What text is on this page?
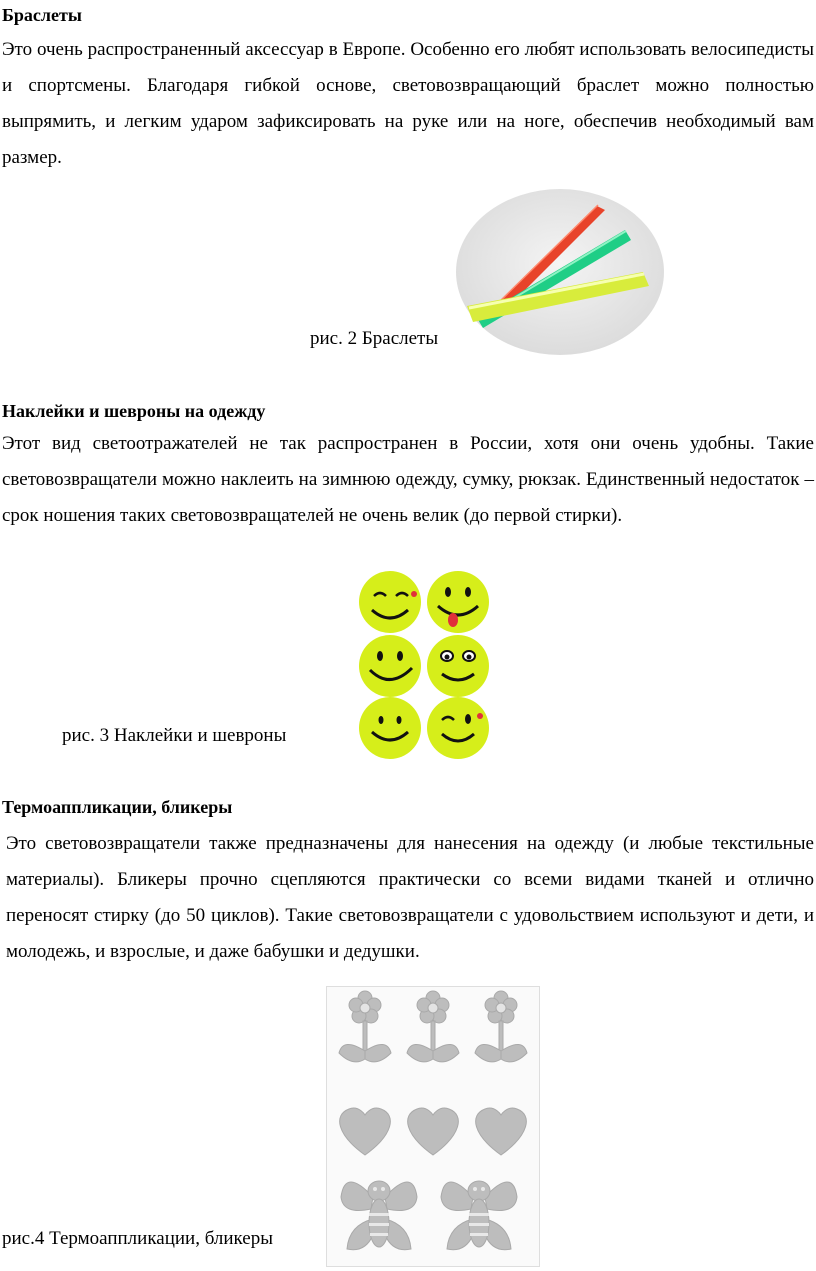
Браслеты

Это очень распространенный аксессуар в Европе. Особенно его любят использовать велосипедисты и спортсмены. Благодаря гибкой основе, световозвращающий браслет можно полностью выпрямить, и легким ударом зафиксировать на руке или на ноге, обеспечив необходимый вам размер.

рис. 2 Браслеты
Наклейки и шевроны на одежду

Этот вид светоотражателей не так распространен в России, хотя они очень удобны. Такие световозвращатели можно наклеить на зимнюю одежду, сумку, рюкзак. Единственный недостаток – срок ношения таких световозвращателей не очень велик (до первой стирки).

рис. 3 Наклейки и шевроны
Термоаппликации, бликеры

Это световозвращатели также предназначены для нанесения на одежду (и любые текстильные материалы). Бликеры прочно сцепляются практически со всеми видами тканей и отлично переносят стирку (до 50 циклов). Такие световозвращатели с удовольствием используют и дети, и молодежь, и взрослые, и даже бабушки и дедушки.

рис.4 Термоаппликации, бликеры
